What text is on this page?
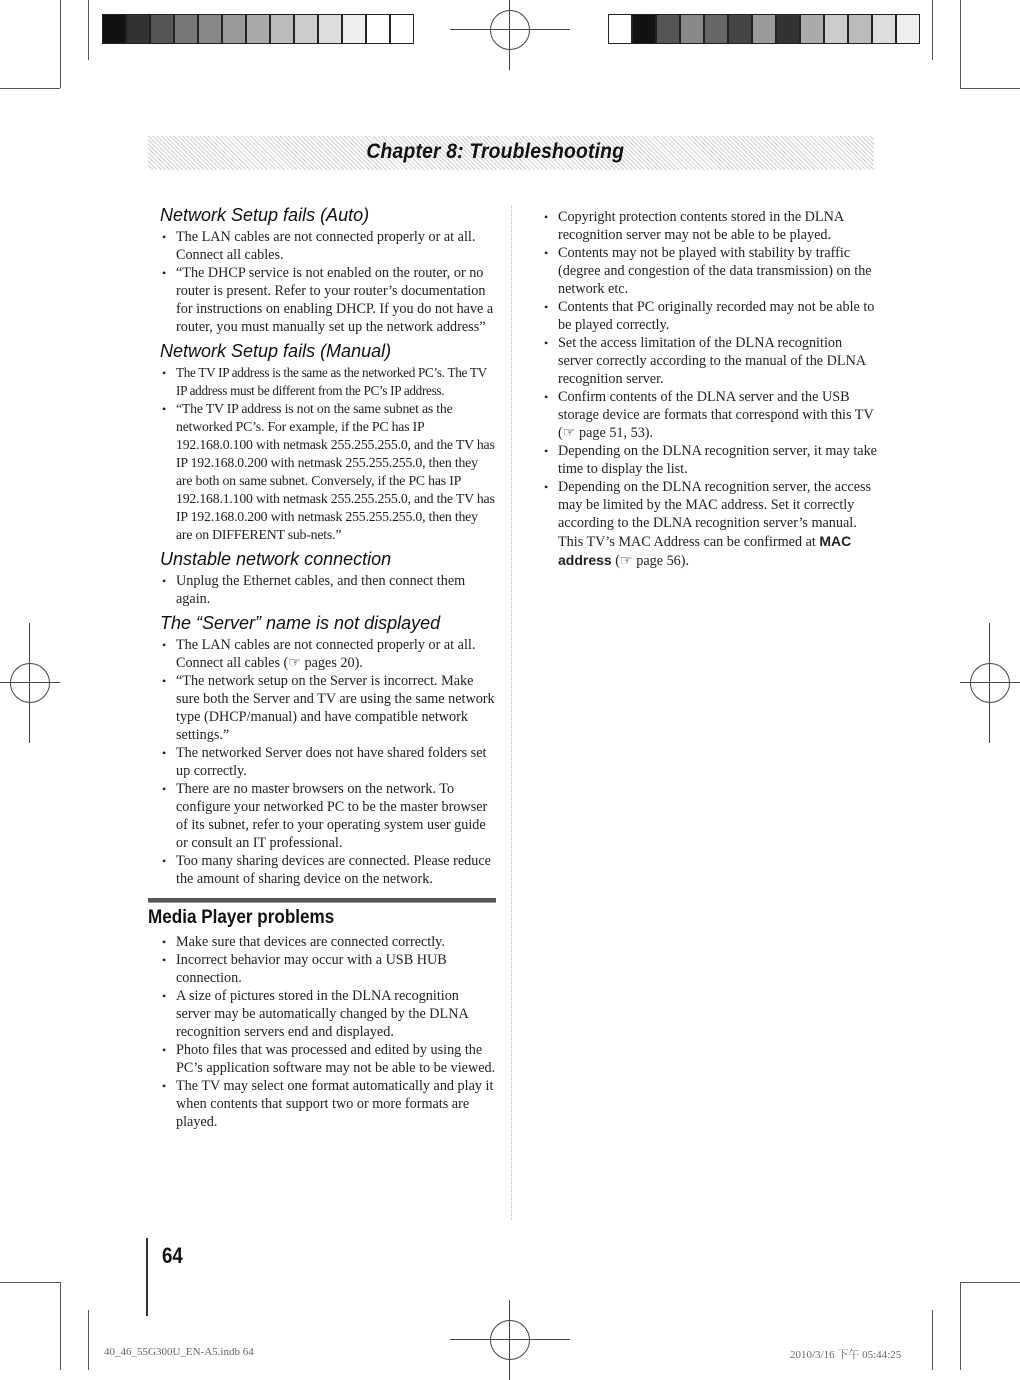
Chapter 8: Troubleshooting
Network Setup fails (Auto)
• The LAN cables are not connected properly or at all. Connect all cables.
• “The DHCP service is not enabled on the router, or no router is present. Refer to your router’s documentation for instructions on enabling DHCP. If you do not have a router, you must manually set up the network address”
Network Setup fails (Manual)
• The TV IP address is the same as the networked PC’s. The TV IP address must be different from the PC’s IP address.
• “The TV IP address is not on the same subnet as the networked PC’s. For example, if the PC has IP 192.168.0.100 with netmask 255.255.255.0, and the TV has IP 192.168.0.200 with netmask 255.255.255.0, then they are both on same subnet. Conversely, if the PC has IP 192.168.1.100 with netmask 255.255.255.0, and the TV has IP 192.168.0.200 with netmask 255.255.255.0, then they are on DIFFERENT sub-nets.”
Unstable network connection
• Unplug the Ethernet cables, and then connect them again.
The “Server” name is not displayed
• The LAN cables are not connected properly or at all. Connect all cables (☞ pages 20).
• “The network setup on the Server is incorrect. Make sure both the Server and TV are using the same network type (DHCP/manual) and have compatible network settings.”
• The networked Server does not have shared folders set up correctly.
• There are no master browsers on the network. To configure your networked PC to be the master browser of its subnet, refer to your operating system user guide or consult an IT professional.
• Too many sharing devices are connected. Please reduce the amount of sharing device on the network.
Media Player problems
• Make sure that devices are connected correctly.
• Incorrect behavior may occur with a USB HUB connection.
• A size of pictures stored in the DLNA recognition server may be automatically changed by the DLNA recognition servers end and displayed.
• Photo files that was processed and edited by using the PC’s application software may not be able to be viewed.
• The TV may select one format automatically and play it when contents that support two or more formats are played.
• Copyright protection contents stored in the DLNA recognition server may not be able to be played.
• Contents may not be played with stability by traffic (degree and congestion of the data transmission) on the network etc.
• Contents that PC originally recorded may not be able to be played correctly.
• Set the access limitation of the DLNA recognition server correctly according to the manual of the DLNA recognition server.
• Confirm contents of the DLNA server and the USB storage device are formats that correspond with this TV (☞ page 51, 53).
• Depending on the DLNA recognition server, it may take time to display the list.
• Depending on the DLNA recognition server, the access may be limited by the MAC address. Set it correctly according to the DLNA recognition server’s manual. This TV’s MAC Address can be confirmed at MAC address (☞ page 56).
64
40_46_55G300U_EN-A5.indb 64	2010/3/16 下午 05:44:25
